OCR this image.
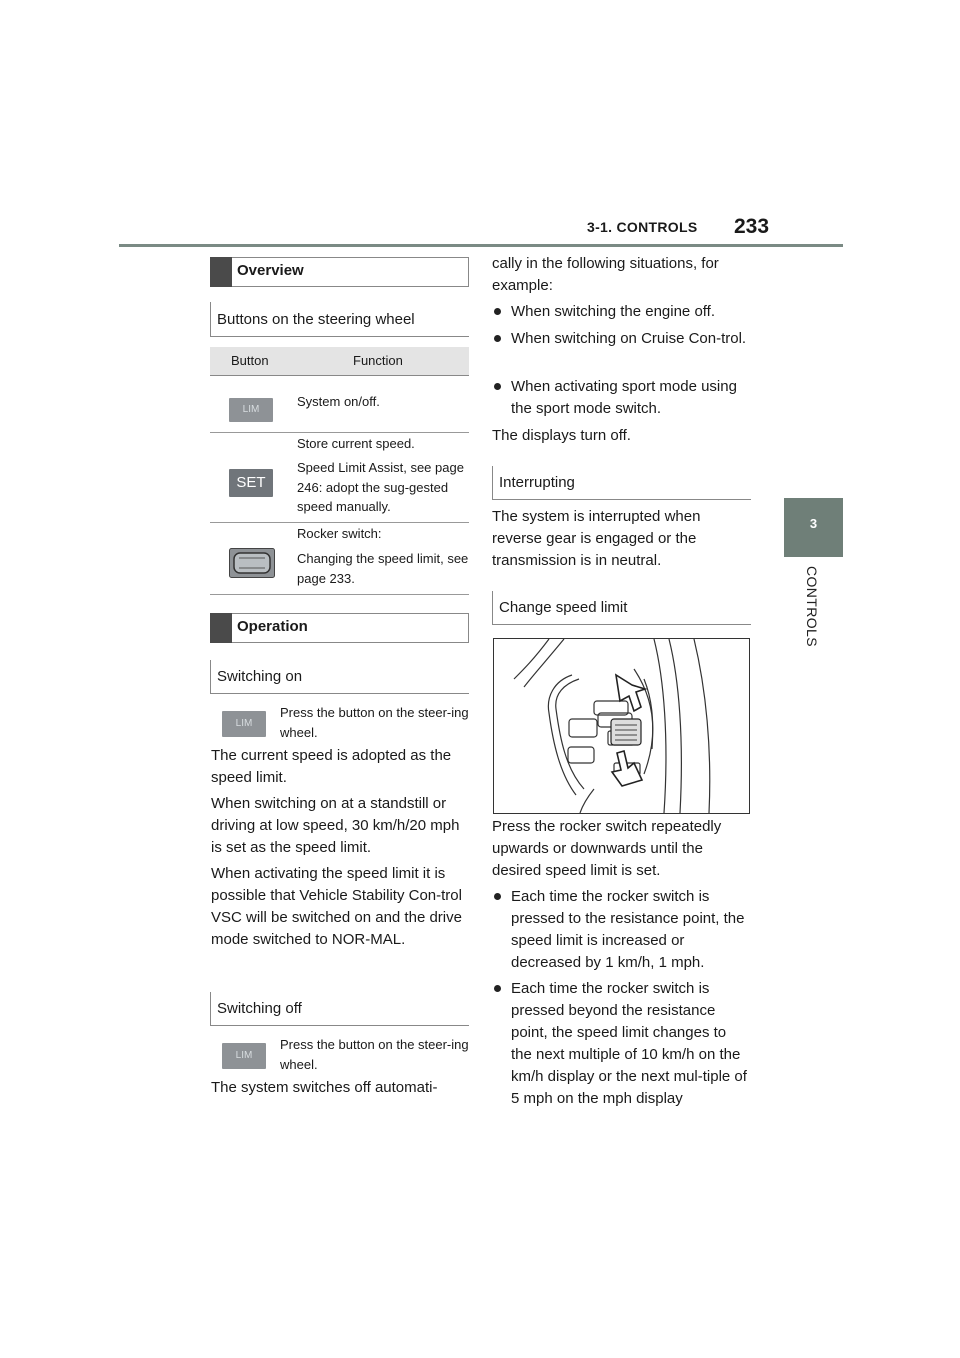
3-1. CONTROLS 233
3
CONTROLS
Overview
Buttons on the steering wheel
Button	Function
LIM
System on/off.
SET
Store current speed.
Speed Limit Assist, see page 246: adopt the sug-gested speed manually.
Rocker switch:
Changing the speed limit, see page 233.
Operation
Switching on
LIM
Press the button on the steer-ing wheel.
The current speed is adopted as the speed limit.
When switching on at a standstill or driving at low speed, 30 km/h/20 mph is set as the speed limit.
When activating the speed limit it is possible that Vehicle Stability Con-trol VSC will be switched on and the drive mode switched to NOR-MAL.
Switching off
LIM
Press the button on the steer-ing wheel.
The system switches off automati-
cally in the following situations, for example:
When switching the engine off.
When switching on Cruise Con-trol.
When activating sport mode using the sport mode switch.
The displays turn off.
Interrupting
The system is interrupted when reverse gear is engaged or the transmission is in neutral.
Change speed limit
Press the rocker switch repeatedly upwards or downwards until the desired speed limit is set.
Each time the rocker switch is pressed to the resistance point, the speed limit is increased or decreased by 1 km/h, 1 mph.
Each time the rocker switch is pressed beyond the resistance point, the speed limit changes to the next multiple of 10 km/h on the km/h display or the next mul-tiple of 5 mph on the mph display
